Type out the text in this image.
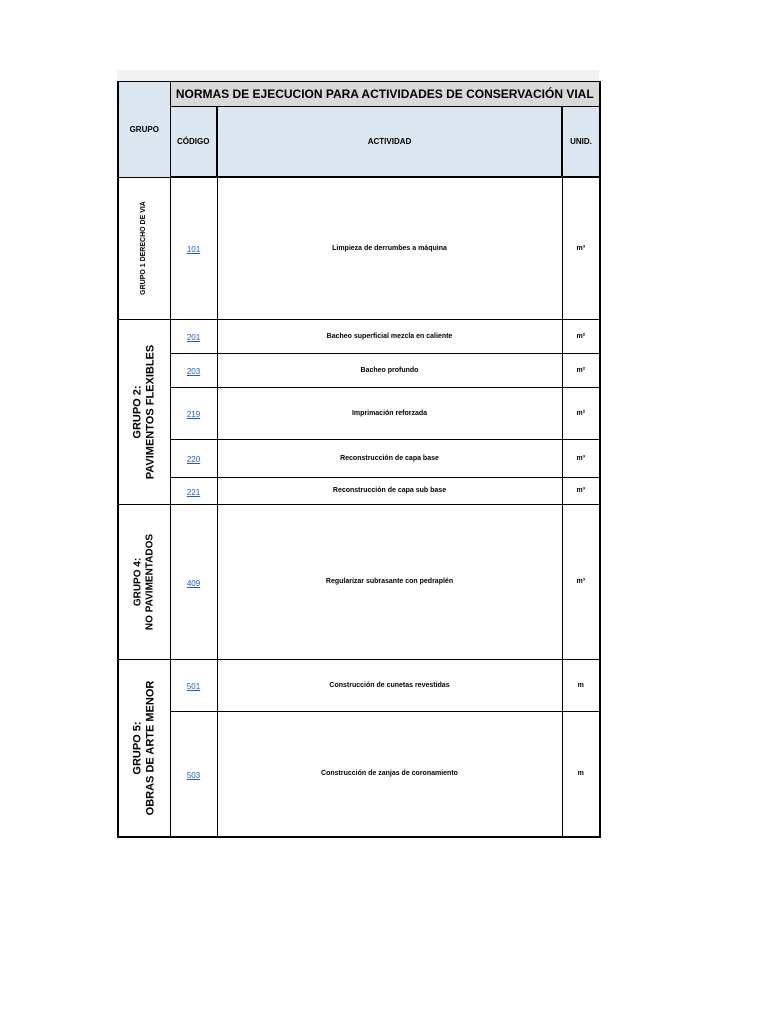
GRUPO	NORMAS DE EJECUCION PARA ACTIVIDADES DE CONSERVACIÓN VIAL		
	CÓDIGO	ACTIVIDAD	UNID.

GRUPO 1 DERECHO DE VIA	101	Limpieza de derrumbes a máquina	m³

GRUPO 2: PAVIMENTOS FLEXIBLES	201	Bacheo superficial mezcla en caliente	m²
	203	Bacheo profundo	m²
	219	Imprimación reforzada	m²
	220	Reconstrucción de capa base	m³
	221	Reconstrucción de capa sub base	m³

GRUPO 4: NO PAVIMENTADOS	409	Regularizar subrasante con pedraplén	m³

GRUPO 5: OBRAS DE ARTE MENOR	501	Construcción de cunetas revestidas	m
	503	Construcción de zanjas de coronamiento	m
